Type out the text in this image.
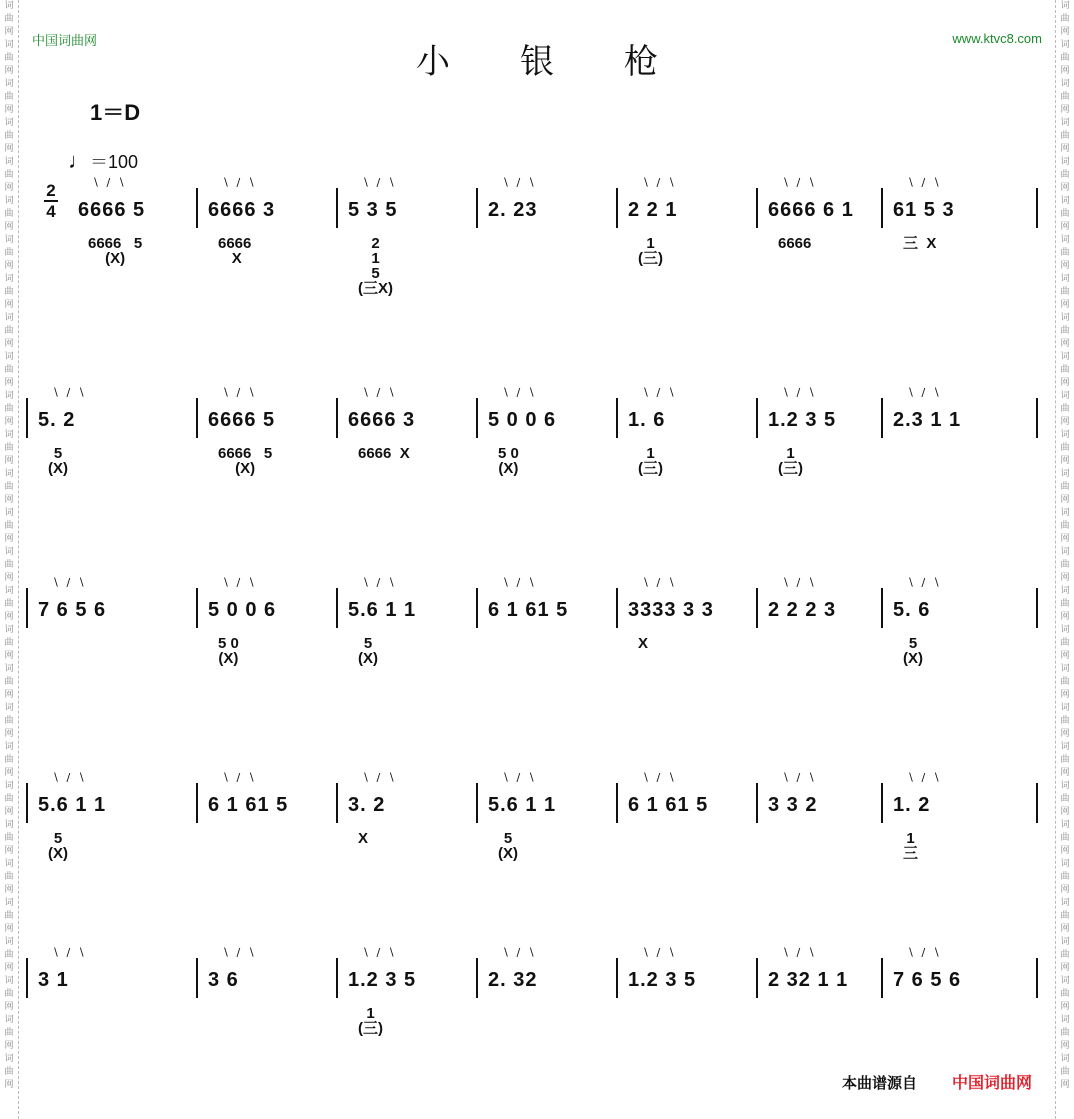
词
曲
网
词
曲
网
词
曲
网
词
曲
网
词
曲
网
词
曲
网
词
曲
网
词
曲
网
词
曲
网
词
曲
网
词
曲
网
词
曲
网
词
曲
网
词
曲
网
词
曲
网
词
曲
网
词
曲
网
词
曲
网
词
曲
网
词
曲
网
词
曲
网
词
曲
网
词
曲
网
词
曲
网
词
曲
网
词
曲
网
词
曲
网
词
曲
网
词
曲
网
词
曲
网
词
曲
网
词
曲
网
词
曲
网
词
曲
网
词
曲
网
词
曲
网
词
曲
网
词
曲
网
词
曲
网
词
曲
网
词
曲
网
词
曲
网
词
曲
网
词
曲
网
词
曲
网
词
曲
网
词
曲
网
词
曲
网
词
曲
网
词
曲
网
词
曲
网
词
曲
网
词
曲
网
词
曲
网
词
曲
网
词
曲
网
中国词曲网	www.ktvc8.com
小银枪
1＝D
♩＝100
2
4
∖ ∕ ∖
6666 5
6666   5
(X)
∖ ∕ ∖
6666 3
6666
X
∖ ∕ ∖
5 3 5
2
1
5
(三X)
∖ ∕ ∖
2. 23
∖ ∕ ∖
2 2 1
1
(三)
∖ ∕ ∖
6666 6 1
6666
∖ ∕ ∖
61 5 3
三  X
∖ ∕ ∖
5. 2
5
(X)
∖ ∕ ∖
6666 5
6666   5
(X)
∖ ∕ ∖
6666 3
6666  X
∖ ∕ ∖
5 0 0 6
5 0
(X)
∖ ∕ ∖
1. 6
1
(三)
∖ ∕ ∖
1.2 3 5
1
(三)
∖ ∕ ∖
2.3 1 1
∖ ∕ ∖
7 6 5 6
∖ ∕ ∖
5 0 0 6
5 0
(X)
∖ ∕ ∖
5.6 1 1
5
(X)
∖ ∕ ∖
6 1 61 5
∖ ∕ ∖
3333 3 3
X
∖ ∕ ∖
2 2 2 3
∖ ∕ ∖
5. 6
5
(X)
∖ ∕ ∖
5.6 1 1
5
(X)
∖ ∕ ∖
6 1 61 5
∖ ∕ ∖
3. 2
X
∖ ∕ ∖
5.6 1 1
5
(X)
∖ ∕ ∖
6 1 61 5
∖ ∕ ∖
3 3 2
∖ ∕ ∖
1. 2
1
三
∖ ∕ ∖
3 1
∖ ∕ ∖
3 6
∖ ∕ ∖
1.2 3 5
1
(三)
∖ ∕ ∖
2. 32
∖ ∕ ∖
1.2 3 5
∖ ∕ ∖
2 32 1 1
∖ ∕ ∖
7 6 5 6
本曲谱源自 中国词曲网
